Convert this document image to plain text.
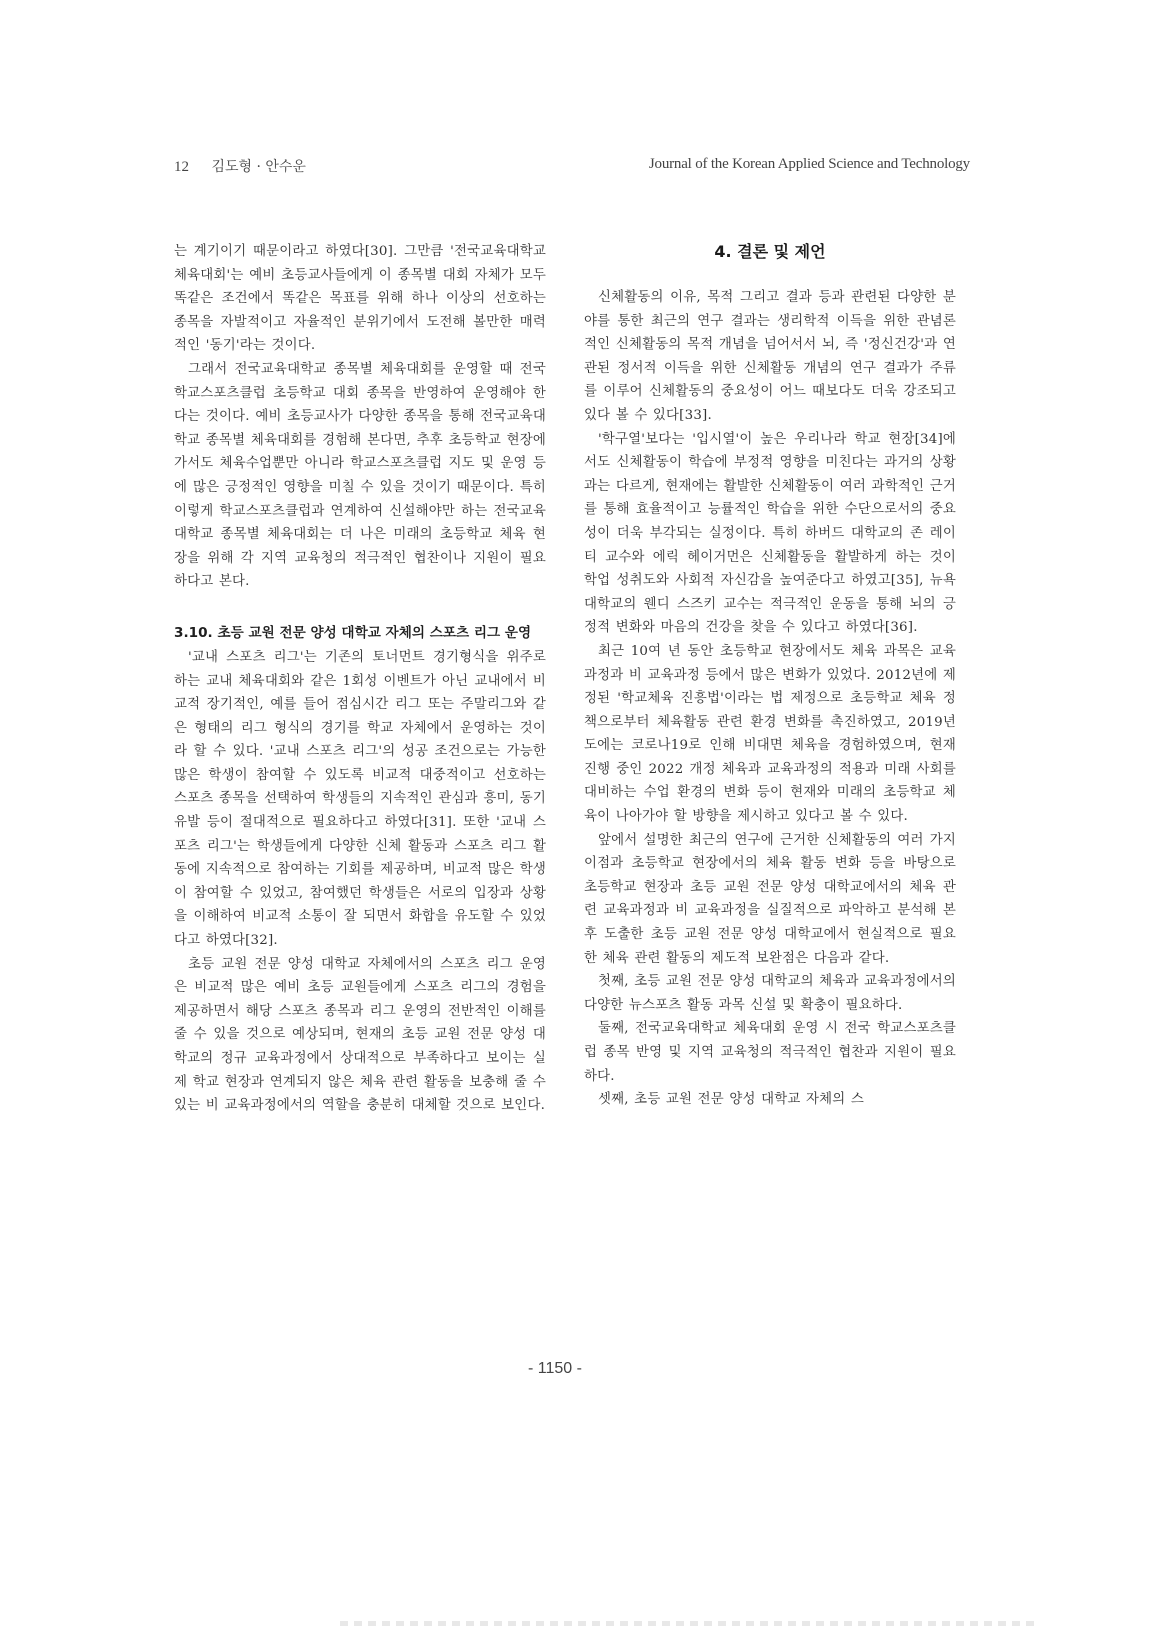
12 김도형 · 안수운	Journal of the Korean Applied Science and Technology

는 계기이기 때문이라고 하였다[30]. 그만큼 '전국교육대학교 체육대회'는 예비 초등교사들에게 이 종목별 대회 자체가 모두 똑같은 조건에서 똑같은 목표를 위해 하나 이상의 선호하는 종목을 자발적이고 자율적인 분위기에서 도전해 볼만한 매력적인 '동기'라는 것이다.

그래서 전국교육대학교 종목별 체육대회를 운영할 때 전국학교스포츠클럽 초등학교 대회 종목을 반영하여 운영해야 한다는 것이다. 예비 초등교사가 다양한 종목을 통해 전국교육대학교 종목별 체육대회를 경험해 본다면, 추후 초등학교 현장에 가서도 체육수업뿐만 아니라 학교스포츠클럽 지도 및 운영 등에 많은 긍정적인 영향을 미칠 수 있을 것이기 때문이다. 특히 이렇게 학교스포츠클럽과 연계하여 신설해야만 하는 전국교육대학교 종목별 체육대회는 더 나은 미래의 초등학교 체육 현장을 위해 각 지역 교육청의 적극적인 협찬이나 지원이 필요하다고 본다.

3.10. 초등 교원 전문 양성 대학교 자체의 스포츠 리그 운영

'교내 스포츠 리그'는 기존의 토너먼트 경기형식을 위주로 하는 교내 체육대회와 같은 1회성 이벤트가 아닌 교내에서 비교적 장기적인, 예를 들어 점심시간 리그 또는 주말리그와 같은 형태의 리그 형식의 경기를 학교 자체에서 운영하는 것이라 할 수 있다. '교내 스포츠 리그'의 성공 조건으로는 가능한 많은 학생이 참여할 수 있도록 비교적 대중적이고 선호하는 스포츠 종목을 선택하여 학생들의 지속적인 관심과 흥미, 동기 유발 등이 절대적으로 필요하다고 하였다[31]. 또한 '교내 스포츠 리그'는 학생들에게 다양한 신체 활동과 스포츠 리그 활동에 지속적으로 참여하는 기회를 제공하며, 비교적 많은 학생이 참여할 수 있었고, 참여했던 학생들은 서로의 입장과 상황을 이해하여 비교적 소통이 잘 되면서 화합을 유도할 수 있었다고 하였다[32].

초등 교원 전문 양성 대학교 자체에서의 스포츠 리그 운영은 비교적 많은 예비 초등 교원들에게 스포츠 리그의 경험을 제공하면서 해당 스포츠 종목과 리그 운영의 전반적인 이해를 줄 수 있을 것으로 예상되며, 현재의 초등 교원 전문 양성 대학교의 정규 교육과정에서 상대적으로 부족하다고 보이는 실제 학교 현장과 연계되지 않은 체육 관련 활동을 보충해 줄 수 있는 비 교육과정에서의 역할을 충분히 대체할 것으로 보인다.

4. 결론 및 제언

신체활동의 이유, 목적 그리고 결과 등과 관련된 다양한 분야를 통한 최근의 연구 결과는 생리학적 이득을 위한 관념론적인 신체활동의 목적 개념을 넘어서서 뇌, 즉 '정신건강'과 연관된 정서적 이득을 위한 신체활동 개념의 연구 결과가 주류를 이루어 신체활동의 중요성이 어느 때보다도 더욱 강조되고 있다 볼 수 있다[33].

'학구열'보다는 '입시열'이 높은 우리나라 학교 현장[34]에서도 신체활동이 학습에 부정적 영향을 미친다는 과거의 상황과는 다르게, 현재에는 활발한 신체활동이 여러 과학적인 근거를 통해 효율적이고 능률적인 학습을 위한 수단으로서의 중요성이 더욱 부각되는 실정이다. 특히 하버드 대학교의 존 레이티 교수와 에릭 헤이거먼은 신체활동을 활발하게 하는 것이 학업 성취도와 사회적 자신감을 높여준다고 하였고[35], 뉴욕대학교의 웬디 스즈키 교수는 적극적인 운동을 통해 뇌의 긍정적 변화와 마음의 건강을 찾을 수 있다고 하였다[36].

최근 10여 년 동안 초등학교 현장에서도 체육 과목은 교육과정과 비 교육과정 등에서 많은 변화가 있었다. 2012년에 제정된 '학교체육 진흥법'이라는 법 제정으로 초등학교 체육 정책으로부터 체육활동 관련 환경 변화를 촉진하였고, 2019년도에는 코로나19로 인해 비대면 체육을 경험하였으며, 현재 진행 중인 2022 개정 체육과 교육과정의 적용과 미래 사회를 대비하는 수업 환경의 변화 등이 현재와 미래의 초등학교 체육이 나아가야 할 방향을 제시하고 있다고 볼 수 있다.

앞에서 설명한 최근의 연구에 근거한 신체활동의 여러 가지 이점과 초등학교 현장에서의 체육 활동 변화 등을 바탕으로 초등학교 현장과 초등 교원 전문 양성 대학교에서의 체육 관련 교육과정과 비 교육과정을 실질적으로 파악하고 분석해 본 후 도출한 초등 교원 전문 양성 대학교에서 현실적으로 필요한 체육 관련 활동의 제도적 보완점은 다음과 같다.

첫째, 초등 교원 전문 양성 대학교의 체육과 교육과정에서의 다양한 뉴스포츠 활동 과목 신설 및 확충이 필요하다.

둘째, 전국교육대학교 체육대회 운영 시 전국 학교스포츠클럽 종목 반영 및 지역 교육청의 적극적인 협찬과 지원이 필요하다.

셋째, 초등 교원 전문 양성 대학교 자체의 스

- 1150 -
